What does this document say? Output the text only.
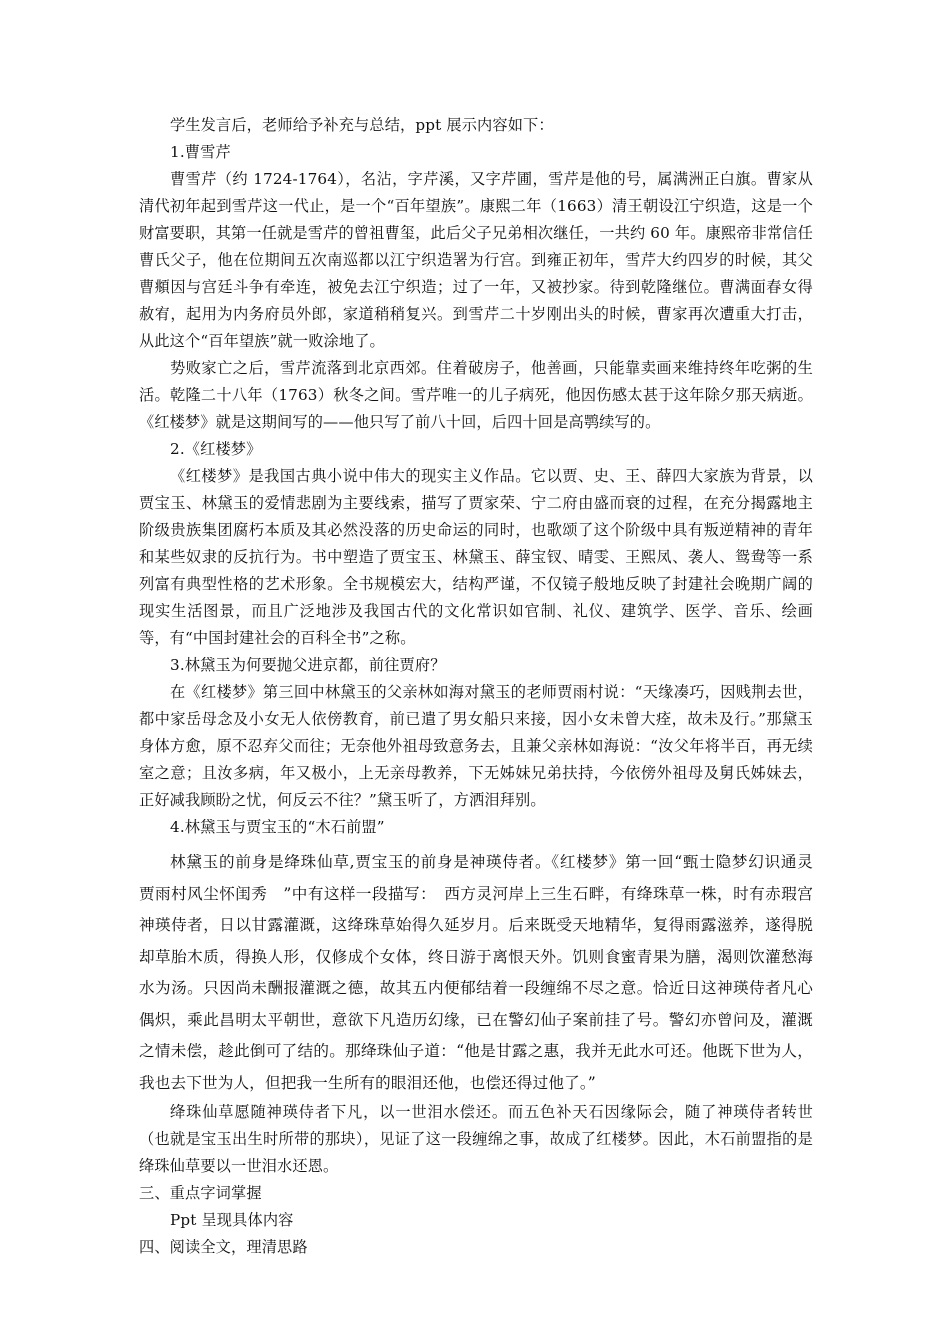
学生发言后，老师给予补充与总结，ppt 展示内容如下：

1.曹雪芹

曹雪芹（约 1724-1764），名沾，字芹溪，又字芹圃，雪芹是他的号，属满洲正白旗。曹家从清代初年起到雪芹这一代止，是一个“百年望族”。康熙二年（1663）清王朝设江宁织造，这是一个财富要职，其第一任就是雪芹的曾祖曹玺，此后父子兄弟相次继任，一共约 60 年。康熙帝非常信任曹氏父子，他在位期间五次南巡都以江宁织造署为行宫。到雍正初年，雪芹大约四岁的时候，其父曹頫因与宫廷斗争有牵连，被免去江宁织造；过了一年，又被抄家。待到乾隆继位。曹满面春女得赦宥，起用为内务府员外郎，家道稍稍复兴。到雪芹二十岁刚出头的时候，曹家再次遭重大打击，从此这个“百年望族”就一败涂地了。

势败家亡之后，雪芹流落到北京西郊。住着破房子，他善画，只能靠卖画来维持终年吃粥的生活。乾隆二十八年（1763）秋冬之间。雪芹唯一的儿子病死，他因伤感太甚于这年除夕那天病逝。《红楼梦》就是这期间写的——他只写了前八十回，后四十回是高鹗续写的。

2.《红楼梦》

《红楼梦》是我国古典小说中伟大的现实主义作品。它以贾、史、王、薛四大家族为背景，以贾宝玉、林黛玉的爱情悲剧为主要线索，描写了贾家荣、宁二府由盛而衰的过程，在充分揭露地主阶级贵族集团腐朽本质及其必然没落的历史命运的同时，也歌颂了这个阶级中具有叛逆精神的青年和某些奴隶的反抗行为。书中塑造了贾宝玉、林黛玉、薛宝钗、晴雯、王熙凤、袭人、鸳鸯等一系列富有典型性格的艺术形象。全书规模宏大，结构严谨，不仅镜子般地反映了封建社会晚期广阔的现实生活图景，而且广泛地涉及我国古代的文化常识如官制、礼仪、建筑学、医学、音乐、绘画等，有“中国封建社会的百科全书”之称。

3.林黛玉为何要抛父进京都，前往贾府？

在《红楼梦》第三回中林黛玉的父亲林如海对黛玉的老师贾雨村说：“天缘凑巧，因贱荆去世，都中家岳母念及小女无人依傍教育，前已遣了男女船只来接，因小女未曾大痊，故未及行。”那黛玉身体方愈，原不忍弃父而往；无奈他外祖母致意务去，且兼父亲林如海说：“汝父年将半百，再无续室之意；且汝多病，年又极小，上无亲母教养，下无姊妹兄弟扶持，今依傍外祖母及舅氏姊妹去，正好减我顾盼之忧，何反云不往？”黛玉听了，方洒泪拜别。

4.林黛玉与贾宝玉的“木石前盟”

林黛玉的前身是绛珠仙草,贾宝玉的前身是神瑛侍者。《红楼梦》第一回“甄士隐梦幻识通灵　贾雨村风尘怀闺秀　”中有这样一段描写：　西方灵河岸上三生石畔，有绛珠草一株，时有赤瑕宫神瑛侍者，日以甘露灌溉，这绛珠草始得久延岁月。后来既受天地精华，复得雨露滋养，遂得脱却草胎木质，得换人形，仅修成个女体，终日游于离恨天外。饥则食蜜青果为膳，渴则饮灌愁海水为汤。只因尚未酬报灌溉之德，故其五内便郁结着一段缠绵不尽之意。恰近日这神瑛侍者凡心偶炽，乘此昌明太平朝世，意欲下凡造历幻缘，已在警幻仙子案前挂了号。警幻亦曾问及，灌溉之情未偿，趁此倒可了结的。那绛珠仙子道：“他是甘露之惠，我并无此水可还。他既下世为人，我也去下世为人，但把我一生所有的眼泪还他，也偿还得过他了。”

绛珠仙草愿随神瑛侍者下凡，以一世泪水偿还。而五色补天石因缘际会，随了神瑛侍者转世（也就是宝玉出生时所带的那块），见证了这一段缠绵之事，故成了红楼梦。因此，木石前盟指的是绛珠仙草要以一世泪水还恩。

三、重点字词掌握

Ppt 呈现具体内容

四、阅读全文，理清思路
